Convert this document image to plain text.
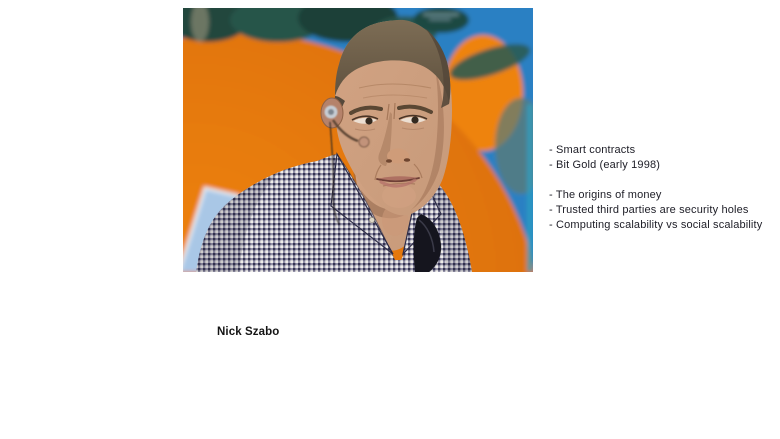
- Smart contracts
- Bit Gold (early 1998)
- The origins of money
- Trusted third parties are security holes
- Computing scalability vs social scalability
Nick Szabo
